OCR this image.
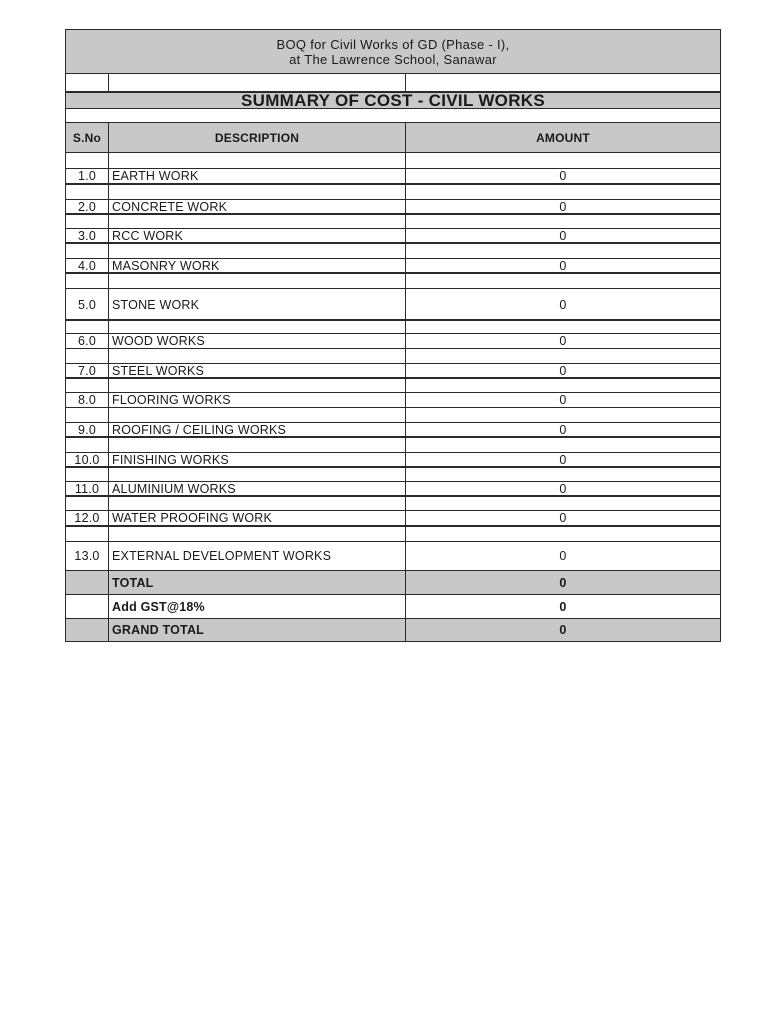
BOQ for Civil Works of GD (Phase - I),
at The Lawrence School, Sanawar
SUMMARY OF COST - CIVIL WORKS
S.No	DESCRIPTION	AMOUNT
1.0	EARTH WORK	0
2.0	CONCRETE WORK	0
3.0	RCC WORK	0
4.0	MASONRY WORK	0
5.0	STONE WORK	0
6.0	WOOD WORKS	0
7.0	STEEL WORKS	0
8.0	FLOORING WORKS	0
9.0	ROOFING / CEILING WORKS	0
10.0 FINISHING WORKS	0
11.0	ALUMINIUM WORKS	0
12.0 WATER PROOFING WORK	0
13.0 EXTERNAL DEVELOPMENT WORKS	0
TOTAL	0
Add GST@18%	0
GRAND TOTAL	0
